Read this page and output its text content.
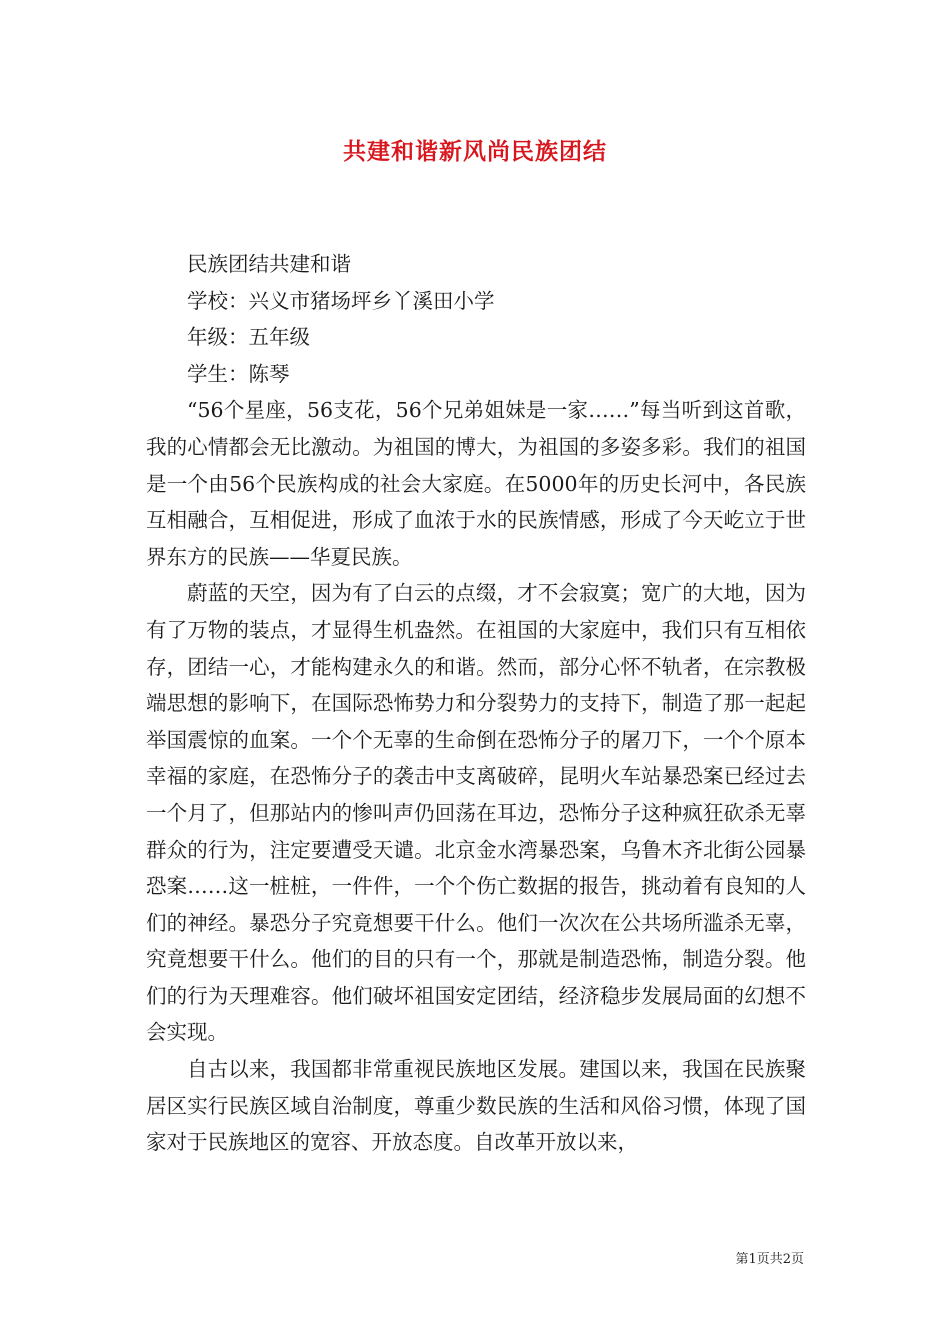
共建和谐新风尚民族团结

民族团结共建和谐

学校：兴义市猪场坪乡丫溪田小学

年级：五年级

学生：陈琴

“56个星座，56支花，56个兄弟姐妹是一家……”每当听到这首歌，我的心情都会无比激动。为祖国的博大，为祖国的多姿多彩。我们的祖国是一个由56个民族构成的社会大家庭。在5000年的历史长河中，各民族互相融合，互相促进，形成了血浓于水的民族情感，形成了今天屹立于世界东方的民族——华夏民族。

蔚蓝的天空，因为有了白云的点缀，才不会寂寞；宽广的大地，因为有了万物的装点，才显得生机盎然。在祖国的大家庭中，我们只有互相依存，团结一心，才能构建永久的和谐。然而，部分心怀不轨者，在宗教极端思想的影响下，在国际恐怖势力和分裂势力的支持下，制造了那一起起举国震惊的血案。一个个无辜的生命倒在恐怖分子的屠刀下，一个个原本幸福的家庭，在恐怖分子的袭击中支离破碎，昆明火车站暴恐案已经过去一个月了，但那站内的惨叫声仍回荡在耳边，恐怖分子这种疯狂砍杀无辜群众的行为，注定要遭受天谴。北京金水湾暴恐案，乌鲁木齐北街公园暴恐案……这一桩桩，一件件，一个个伤亡数据的报告，挑动着有良知的人们的神经。暴恐分子究竟想要干什么。他们一次次在公共场所滥杀无辜，究竟想要干什么。他们的目的只有一个，那就是制造恐怖，制造分裂。他们的行为天理难容。他们破坏祖国安定团结，经济稳步发展局面的幻想不会实现。

自古以来，我国都非常重视民族地区发展。建国以来，我国在民族聚居区实行民族区域自治制度，尊重少数民族的生活和风俗习惯，体现了国家对于民族地区的宽容、开放态度。自改革开放以来，

第1页共2页
